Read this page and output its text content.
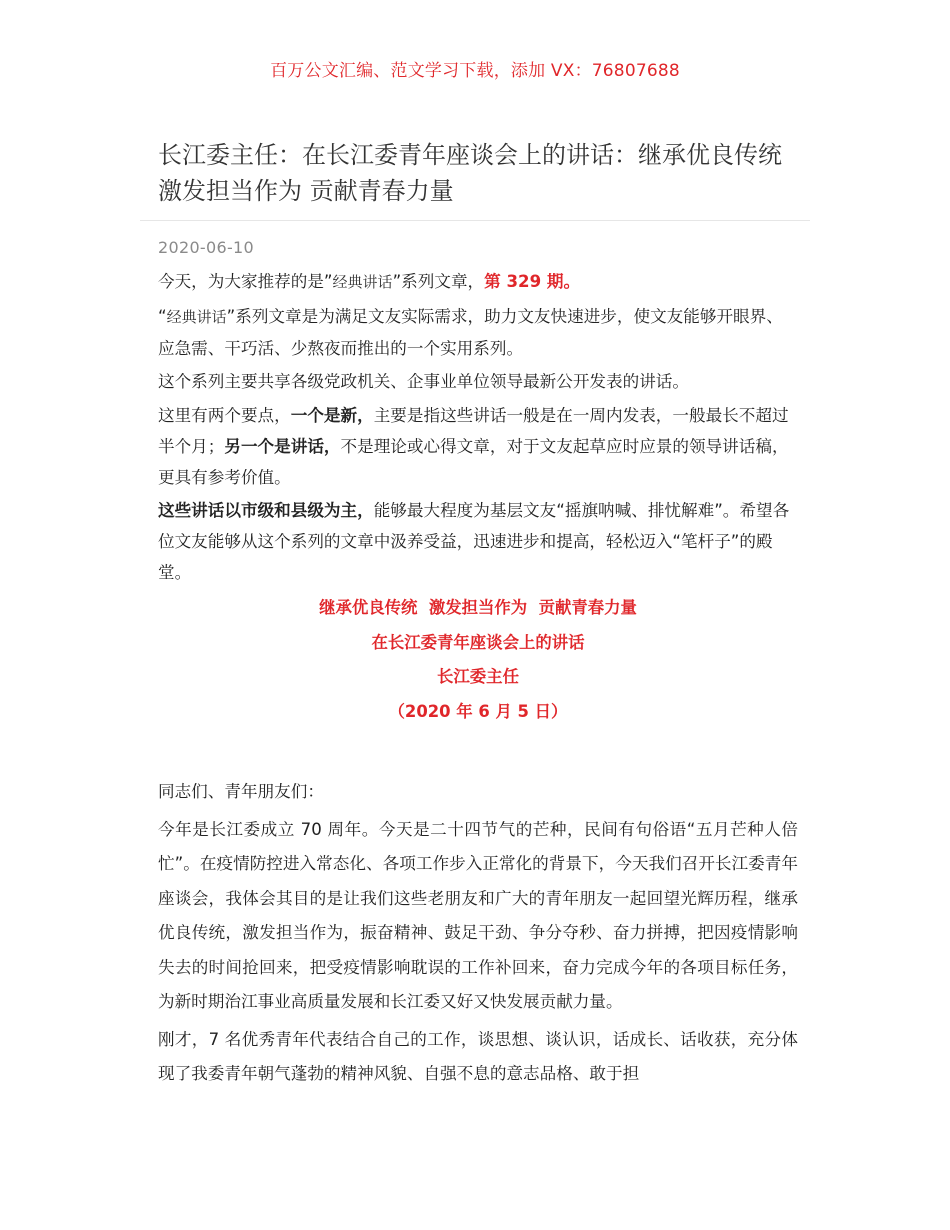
百万公文汇编、范文学习下载，添加 VX：76807688
长江委主任：在长江委青年座谈会上的讲话：继承优良传统 激发担当作为 贡献青春力量
2020-06-10

今天，为大家推荐的是”经典讲话”系列文章，第 329 期。

“经典讲话”系列文章是为满足文友实际需求，助力文友快速进步，使文友能够开眼界、应急需、干巧活、少熬夜而推出的一个实用系列。

这个系列主要共享各级党政机关、企事业单位领导最新公开发表的讲话。

这里有两个要点，一个是新，主要是指这些讲话一般是在一周内发表，一般最长不超过半个月；另一个是讲话，不是理论或心得文章，对于文友起草应时应景的领导讲话稿，更具有参考价值。

这些讲话以市级和县级为主，能够最大程度为基层文友“摇旗呐喊、排忧解难”。希望各位文友能够从这个系列的文章中汲养受益，迅速进步和提高，轻松迈入“笔杆子”的殿堂。

继承优良传统  激发担当作为  贡献青春力量
在长江委青年座谈会上的讲话
长江委主任
（2020 年 6 月 5 日）

同志们、青年朋友们：

今年是长江委成立 70 周年。今天是二十四节气的芒种，民间有句俗语“五月芒种人倍忙”。在疫情防控进入常态化、各项工作步入正常化的背景下，今天我们召开长江委青年座谈会，我体会其目的是让我们这些老朋友和广大的青年朋友一起回望光辉历程，继承优良传统，激发担当作为，振奋精神、鼓足干劲、争分夺秒、奋力拼搏，把因疫情影响失去的时间抢回来，把受疫情影响耽误的工作补回来，奋力完成今年的各项目标任务，为新时期治江事业高质量发展和长江委又好又快发展贡献力量。

刚才，7 名优秀青年代表结合自己的工作，谈思想、谈认识，话成长、话收获，充分体现了我委青年朝气蓬勃的精神风貌、自强不息的意志品格、敢于担
